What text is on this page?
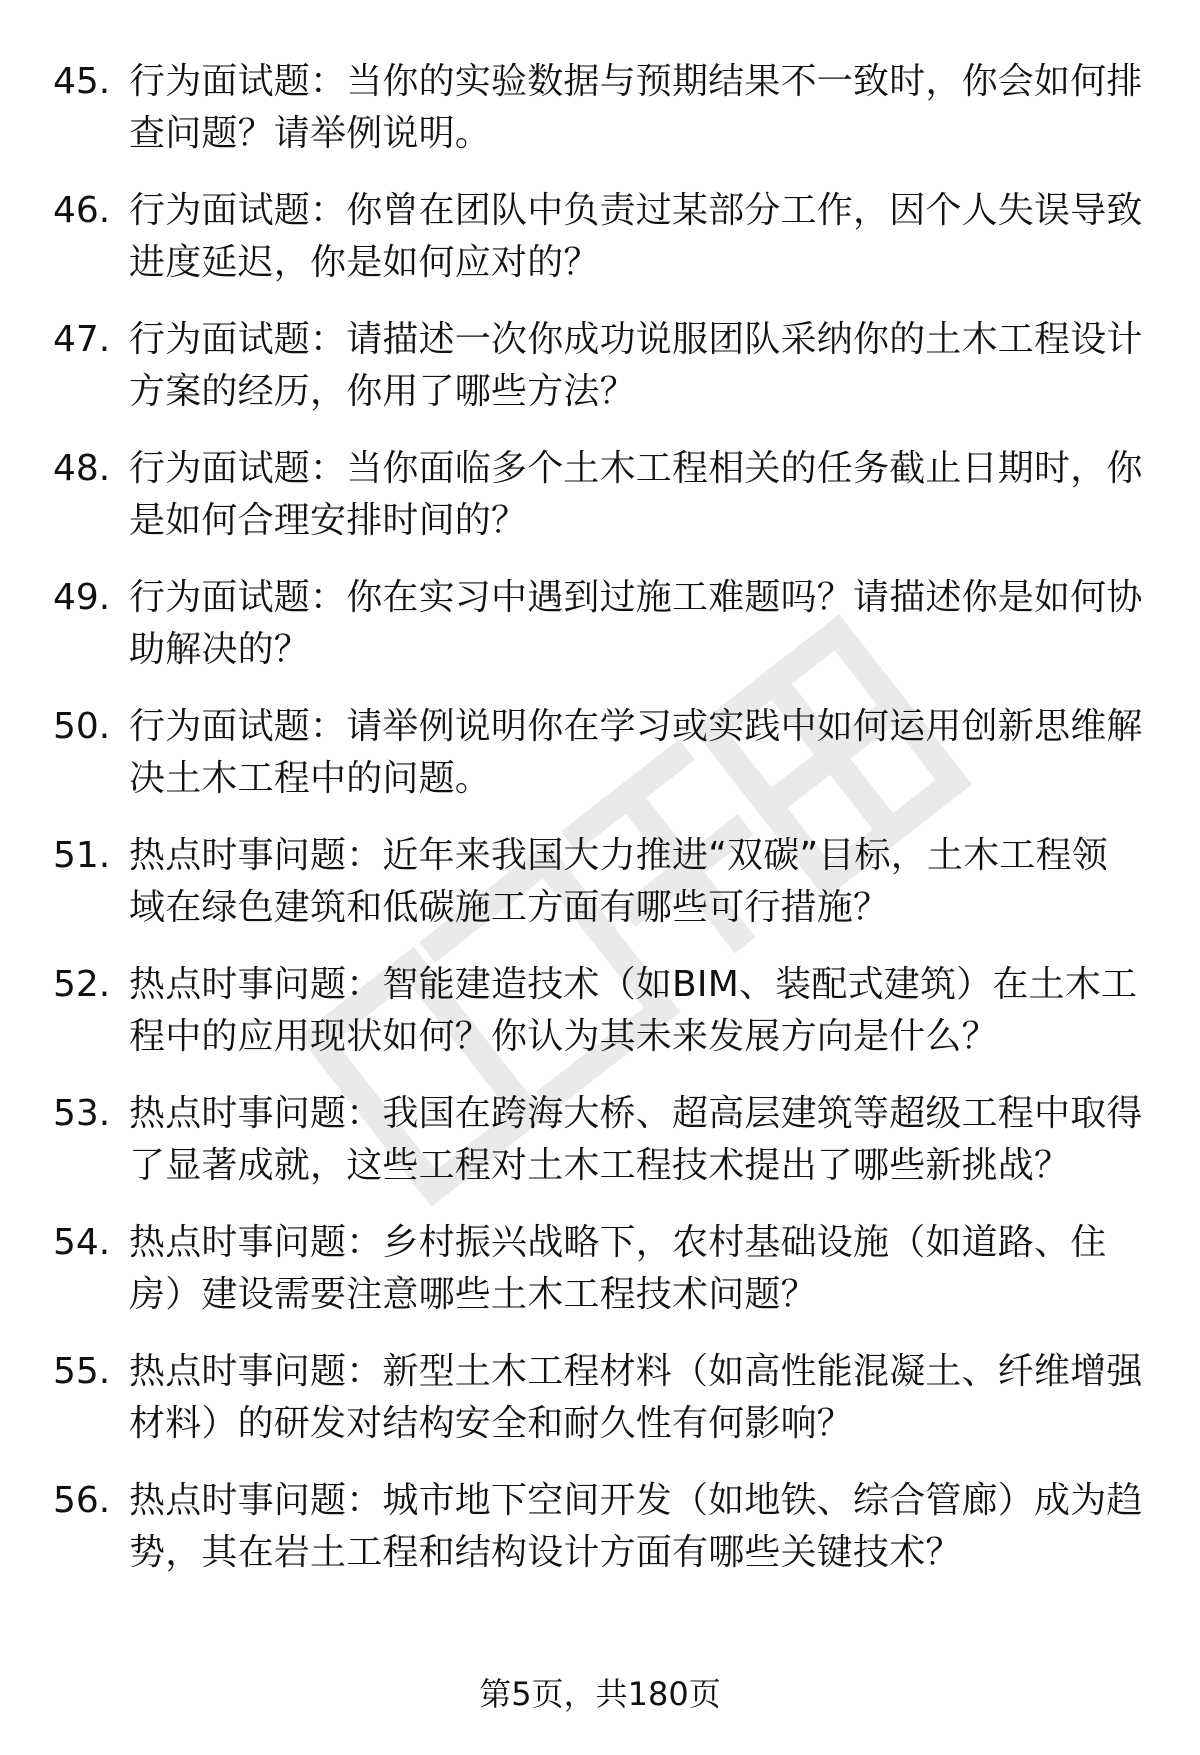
45. 行为面试题：当你的实验数据与预期结果不一致时，你会如何排查问题？请举例说明。
46. 行为面试题：你曾在团队中负责过某部分工作，因个人失误导致进度延迟，你是如何应对的？
47. 行为面试题：请描述一次你成功说服团队采纳你的土木工程设计方案的经历，你用了哪些方法？
48. 行为面试题：当你面临多个土木工程相关的任务截止日期时，你是如何合理安排时间的？
49. 行为面试题：你在实习中遇到过施工难题吗？请描述你是如何协助解决的？
50. 行为面试题：请举例说明你在学习或实践中如何运用创新思维解决土木工程中的问题。
51. 热点时事问题：近年来我国大力推进“双碳”目标，土木工程领域在绿色建筑和低碳施工方面有哪些可行措施？
52. 热点时事问题：智能建造技术（如BIM、装配式建筑）在土木工程中的应用现状如何？你认为其未来发展方向是什么？
53. 热点时事问题：我国在跨海大桥、超高层建筑等超级工程中取得了显著成就，这些工程对土木工程技术提出了哪些新挑战？
54. 热点时事问题：乡村振兴战略下，农村基础设施（如道路、住房）建设需要注意哪些土木工程技术问题？
55. 热点时事问题：新型土木工程材料（如高性能混凝土、纤维增强材料）的研发对结构安全和耐久性有何影响？
56. 热点时事问题：城市地下空间开发（如地铁、综合管廊）成为趋势，其在岩土工程和结构设计方面有哪些关键技术？
第5页，共180页
